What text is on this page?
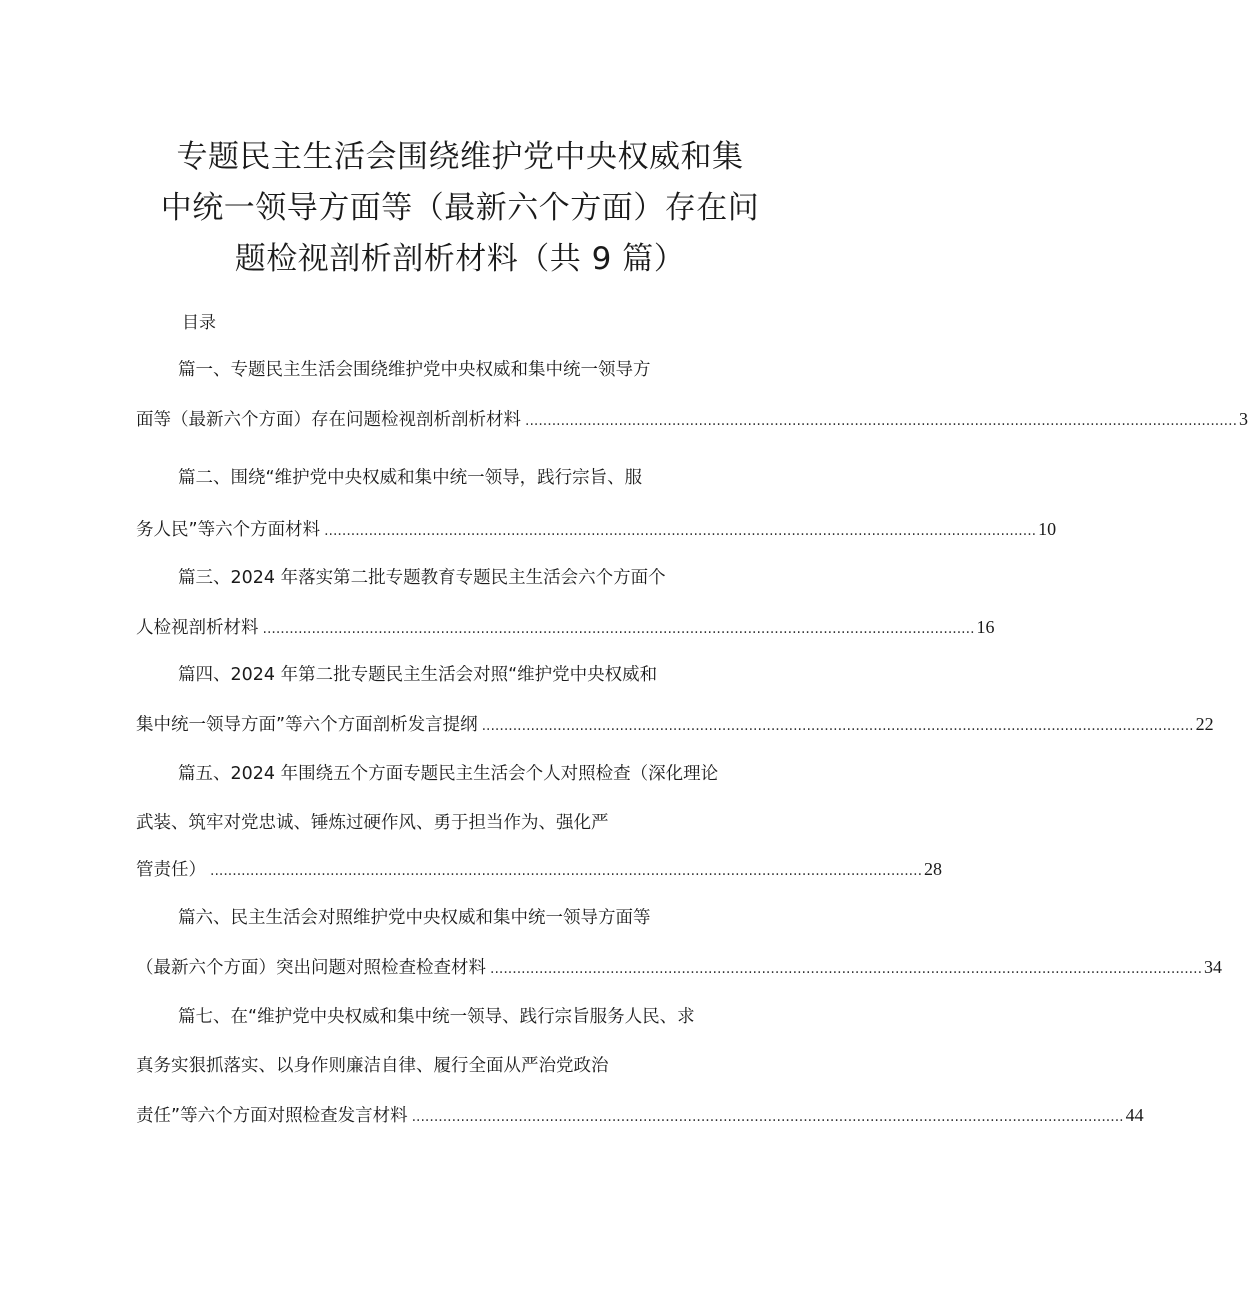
专题民主生活会围绕维护党中央权威和集
中统一领导方面等（最新六个方面）存在问
题检视剖析剖析材料（共 9 篇）
目录
篇一、专题民主生活会围绕维护党中央权威和集中统一领导方
面等（最新六个方面）存在问题检视剖析剖析材料 ................................................................................................................................................................ 3
篇二、围绕“维护党中央权威和集中统一领导，践行宗旨、服
务人民”等六个方面材料 ................................................................................................................................................................ 10
篇三、2024 年落实第二批专题教育专题民主生活会六个方面个
人检视剖析材料 ................................................................................................................................................................ 16
篇四、2024 年第二批专题民主生活会对照“维护党中央权威和
集中统一领导方面”等六个方面剖析发言提纲 ................................................................................................................................................................ 22
篇五、2024 年围绕五个方面专题民主生活会个人对照检查（深化理论
武装、筑牢对党忠诚、锤炼过硬作风、勇于担当作为、强化严
管责任） ................................................................................................................................................................ 28
篇六、民主生活会对照维护党中央权威和集中统一领导方面等
（最新六个方面）突出问题对照检查检查材料 ................................................................................................................................................................ 34
篇七、在“维护党中央权威和集中统一领导、践行宗旨服务人民、求
真务实狠抓落实、以身作则廉洁自律、履行全面从严治党政治
责任”等六个方面对照检查发言材料 ................................................................................................................................................................ 44
